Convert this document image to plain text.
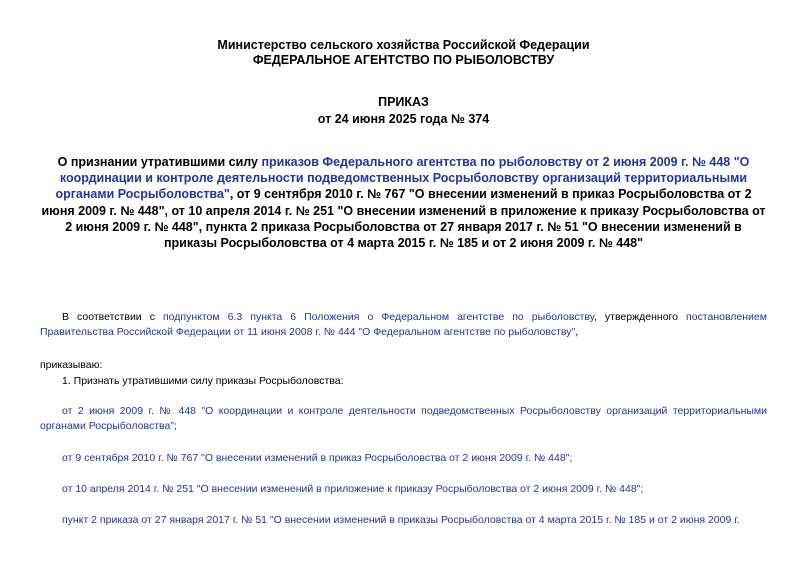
Министерство сельского хозяйства Российской Федерации
ФЕДЕРАЛЬНОЕ АГЕНТСТВО ПО РЫБОЛОВСТВУ
ПРИКАЗ
от 24 июня 2025 года № 374
О признании утратившими силу приказов Федерального агентства по рыболовству от 2 июня 2009 г. № 448 "О координации и контроле деятельности подведомственных Росрыболовству организаций территориальными органами Росрыболовства", от 9 сентября 2010 г. № 767 "О внесении изменений в приказ Росрыболовства от 2 июня 2009 г. № 448", от 10 апреля 2014 г. № 251 "О внесении изменений в приложение к приказу Росрыболовства от 2 июня 2009 г. № 448", пункта 2 приказа Росрыболовства от 27 января 2017 г. № 51 "О внесении изменений в приказы Росрыболовства от 4 марта 2015 г. № 185 и от 2 июня 2009 г. № 448"
В соответствии с подпунктом 6.3 пункта 6 Положения о Федеральном агентстве по рыболовству, утвержденного постановлением Правительства Российской Федерации от 11 июня 2008 г. № 444 "О Федеральном агентстве по рыболовству",
приказываю:
1. Признать утратившими силу приказы Росрыболовства:
от 2 июня 2009 г. № 448 "О координации и контроле деятельности подведомственных Росрыболовству организаций территориальными органами Росрыболовства";
от 9 сентября 2010 г. № 767 "О внесении изменений в приказ Росрыболовства от 2 июня 2009 г. № 448";
от 10 апреля 2014 г. № 251 "О внесении изменений в приложение к приказу Росрыболовства от 2 июня 2009 г. № 448";
пункт 2 приказа от 27 января 2017 г. № 51 "О внесении изменений в приказы Росрыболовства от 4 марта 2015 г. № 185 и от 2 июня 2009 г.
